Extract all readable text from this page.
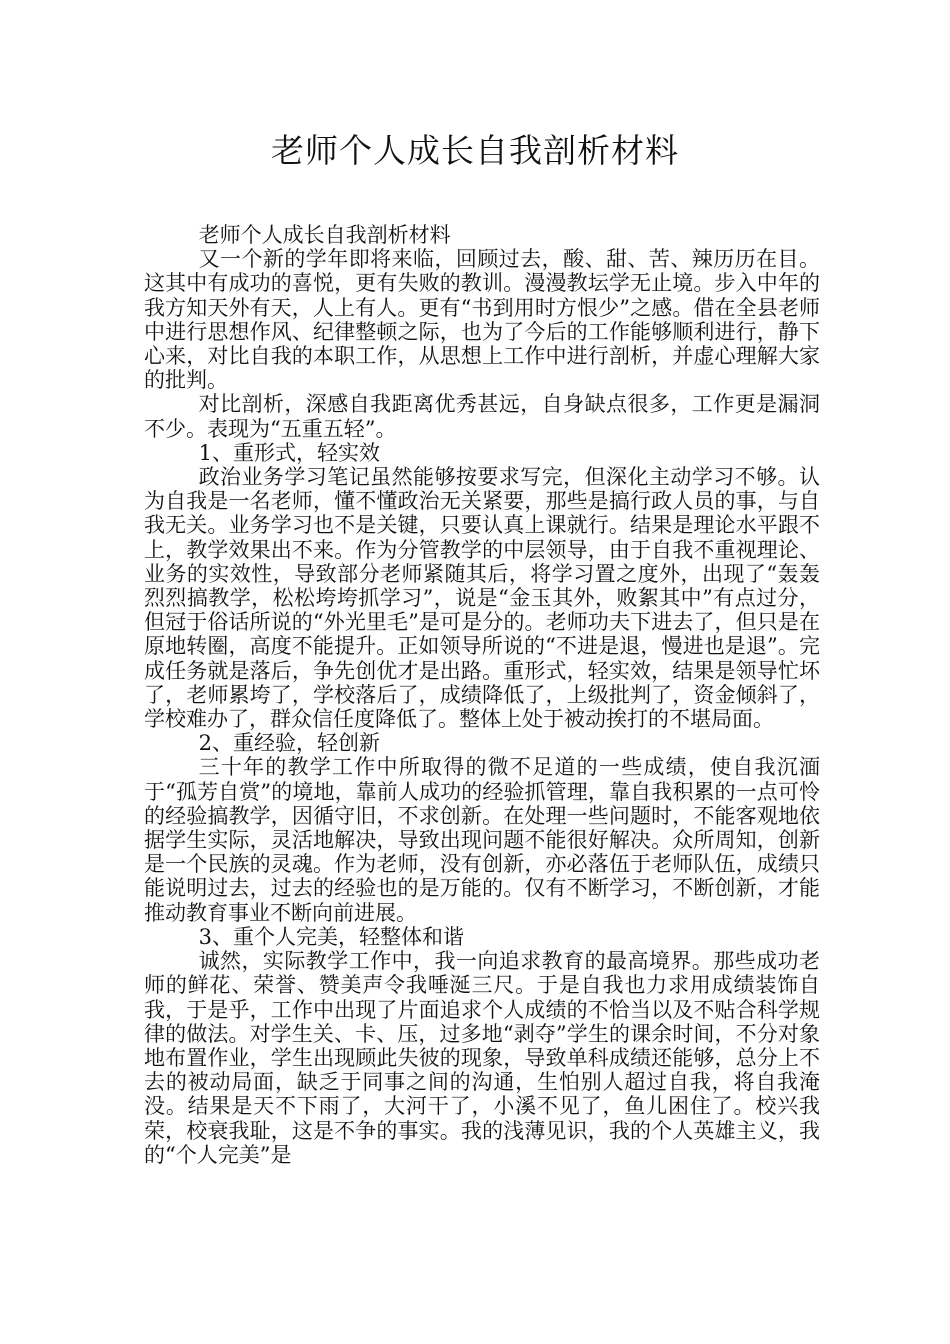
老师个人成长自我剖析材料

老师个人成长自我剖析材料

又一个新的学年即将来临，回顾过去，酸、甜、苦、辣历历在目。这其中有成功的喜悦，更有失败的教训。漫漫教坛学无止境。步入中年的我方知天外有天，人上有人。更有“书到用时方恨少”之感。借在全县老师中进行思想作风、纪律整顿之际，也为了今后的工作能够顺利进行，静下心来，对比自我的本职工作，从思想上工作中进行剖析，并虚心理解大家的批判。

对比剖析，深感自我距离优秀甚远，自身缺点很多，工作更是漏洞不少。表现为“五重五轻”。

1、重形式，轻实效

政治业务学习笔记虽然能够按要求写完，但深化主动学习不够。认为自我是一名老师，懂不懂政治无关紧要，那些是搞行政人员的事，与自我无关。业务学习也不是关键，只要认真上课就行。结果是理论水平跟不上，教学效果出不来。作为分管教学的中层领导，由于自我不重视理论、业务的实效性，导致部分老师紧随其后，将学习置之度外，出现了“轰轰烈烈搞教学，松松垮垮抓学习”，说是“金玉其外，败絮其中”有点过分，但冠于俗话所说的“外光里毛”是可是分的。老师功夫下进去了，但只是在原地转圈，高度不能提升。正如领导所说的“不进是退，慢进也是退”。完成任务就是落后，争先创优才是出路。重形式，轻实效，结果是领导忙坏了，老师累垮了，学校落后了，成绩降低了，上级批判了，资金倾斜了，学校难办了，群众信任度降低了。整体上处于被动挨打的不堪局面。

2、重经验，轻创新

三十年的教学工作中所取得的微不足道的一些成绩，使自我沉湎于“孤芳自赏”的境地，靠前人成功的经验抓管理，靠自我积累的一点可怜的经验搞教学，因循守旧，不求创新。在处理一些问题时，不能客观地依据学生实际，灵活地解决，导致出现问题不能很好解决。众所周知，创新是一个民族的灵魂。作为老师，没有创新，亦必落伍于老师队伍，成绩只能说明过去，过去的经验也的是万能的。仅有不断学习，不断创新，才能推动教育事业不断向前进展。

3、重个人完美，轻整体和谐

诚然，实际教学工作中，我一向追求教育的最高境界。那些成功老师的鲜花、荣誉、赞美声令我唾涎三尺。于是自我也力求用成绩装饰自我，于是乎，工作中出现了片面追求个人成绩的不恰当以及不贴合科学规律的做法。对学生关、卡、压，过多地“剥夺”学生的课余时间，不分对象地布置作业，学生出现顾此失彼的现象，导致单科成绩还能够，总分上不去的被动局面，缺乏于同事之间的沟通，生怕别人超过自我，将自我淹没。结果是天不下雨了，大河干了，小溪不见了，鱼儿困住了。校兴我荣，校衰我耻，这是不争的事实。我的浅薄见识，我的个人英雄主义，我的“个人完美”是
